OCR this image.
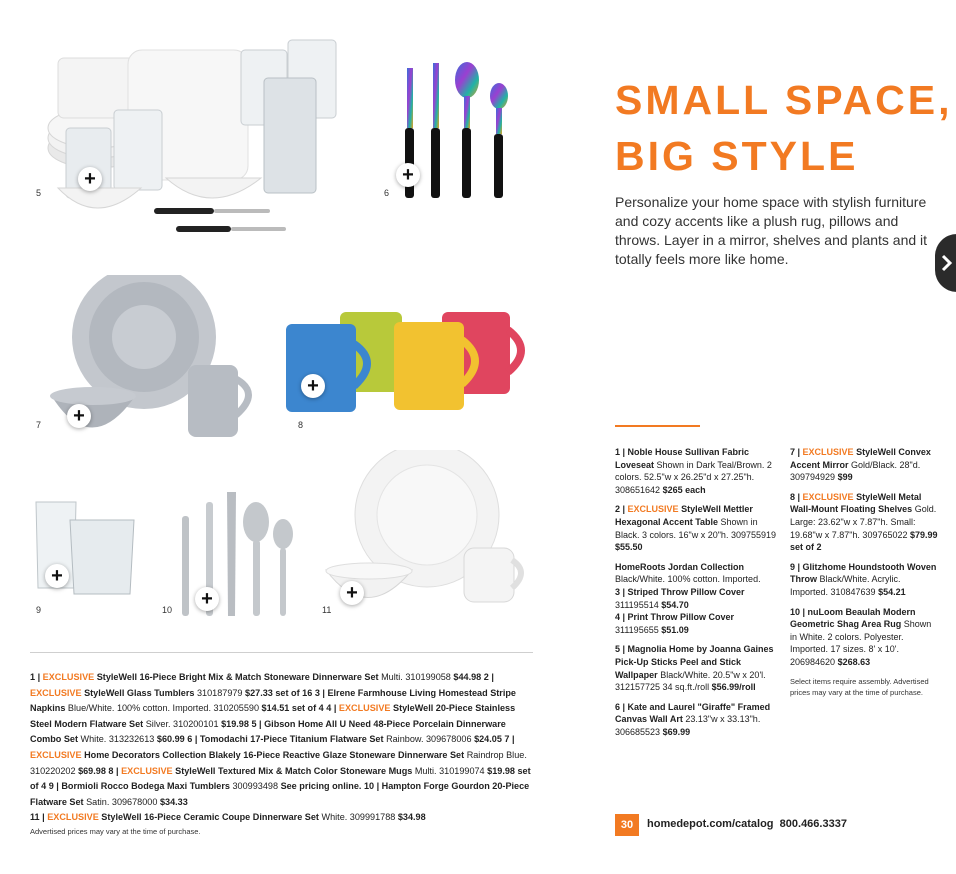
+
5
+
6
+
7
+
8
+
9	+
10
+
11
SMALL SPACE,
BIG STYLE
Personalize your home space with stylish furniture and cozy accents like a plush rug, pillows and throws. Layer in a mirror, shelves and plants and it totally feels more like home.
1 | Noble House Sullivan Fabric Loveseat Shown in Dark Teal/Brown. 2 colors. 52.5"w x 26.25"d x 27.25"h. 308651642 $265 each
2 | EXCLUSIVE StyleWell Mettler Hexagonal Accent Table Shown in Black. 3 colors. 16"w x 20"h. 309755919 $55.50
HomeRoots Jordan Collection Black/White. 100% cotton. Imported.
3 | Striped Throw Pillow Cover 311195514 $54.70
4 | Print Throw Pillow Cover 311195655 $51.09
5 | Magnolia Home by Joanna Gaines Pick-Up Sticks Peel and Stick Wallpaper Black/White. 20.5"w x 20'l. 312157725 34 sq.ft./roll $56.99/roll
6 | Kate and Laurel "Giraffe" Framed Canvas Wall Art 23.13"w x 33.13"h. 306685523 $69.99
7 | EXCLUSIVE StyleWell Convex Accent Mirror Gold/Black. 28"d. 309794929 $99
8 | EXCLUSIVE StyleWell Metal Wall-Mount Floating Shelves Gold. Large: 23.62"w x 7.87"h. Small: 19.68"w x 7.87"h. 309765022 $79.99 set of 2
9 | Glitzhome Houndstooth Woven Throw Black/White. Acrylic. Imported. 310847639 $54.21
10 | nuLoom Beaulah Modern Geometric Shag Area Rug Shown in White. 2 colors. Polyester. Imported. 17 sizes. 8' x 10'. 206984620 $268.63
Select items require assembly. Advertised prices may vary at the time of purchase.
1 | EXCLUSIVE StyleWell 16-Piece Bright Mix & Match Stoneware Dinnerware Set Multi. 310199058 $44.98 2 | EXCLUSIVE StyleWell Glass Tumblers 310187979 $27.33 set of 16 3 | Elrene Farmhouse Living Homestead Stripe Napkins Blue/White. 100% cotton. Imported. 310205590 $14.51 set of 4 4 | EXCLUSIVE StyleWell 20-Piece Stainless Steel Modern Flatware Set Silver. 310200101 $19.98 5 | Gibson Home All U Need 48-Piece Porcelain Dinnerware Combo Set White. 313232613 $60.99 6 | Tomodachi 17-Piece Titanium Flatware Set Rainbow. 309678006 $24.05 7 | EXCLUSIVE Home Decorators Collection Blakely 16-Piece Reactive Glaze Stoneware Dinnerware Set Raindrop Blue. 310220202 $69.98 8 | EXCLUSIVE StyleWell Textured Mix & Match Color Stoneware Mugs Multi. 310199074 $19.98 set of 4 9 | Bormioli Rocco Bodega Maxi Tumblers 300993498 See pricing online. 10 | Hampton Forge Gourdon 20-Piece Flatware Set Satin. 309678000 $34.33
11 | EXCLUSIVE StyleWell 16-Piece Ceramic Coupe Dinnerware Set White. 309991788 $34.98
Advertised prices may vary at the time of purchase.
30	homedepot.com/catalog 800.466.3337
